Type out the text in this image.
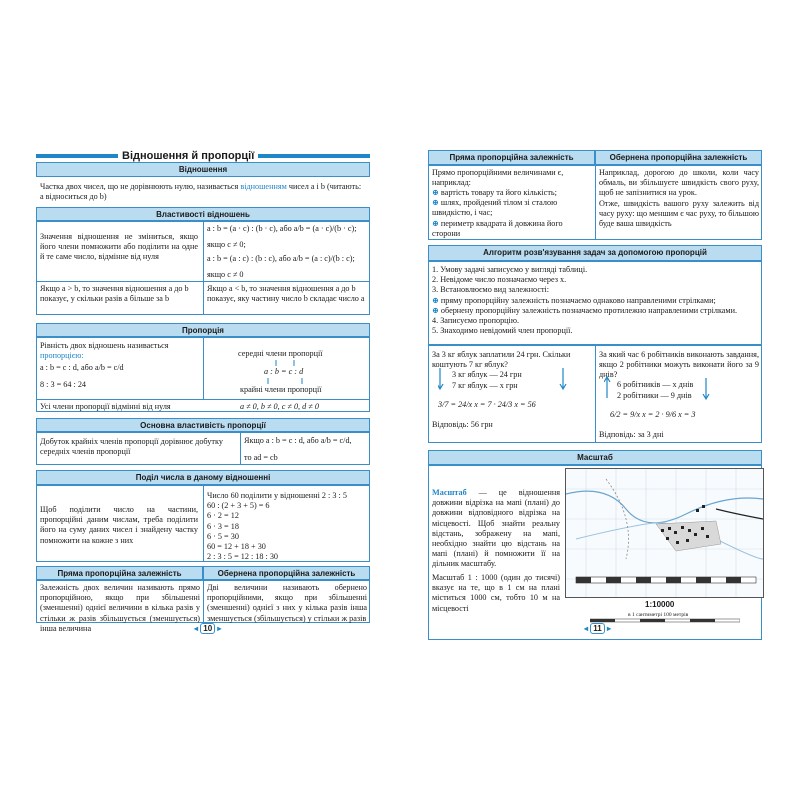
Відношення й пропорції
Відношення
Частка двох чисел, що не дорівнюють нулю, називається відношенням чисел a і b (читають: a відноситься до b)
Властивості відношень
Значення відношення не зміниться, якщо його члени помножити або поділити на одне й те саме число, відмінне від нуля
a : b = (a · c) : (b · c), або a/b = (a · c)/(b · c);
якщо c ≠ 0;
a : b = (a : c) : (b : c), або a/b = (a : c)/(b : c);
якщо c ≠ 0
Якщо a > b, то значення відношення a до b показує, у скільки разів a більше за b
Якщо a < b, то значення відношення a до b показує, яку частину число b складає число a
Пропорція
Рівність двох відношень називається пропорцією:
a : b = c : d, або a/b = c/d
8 : 3 = 64 : 24
середні члени пропорції
a : b = c : d
крайні члени пропорції
Усі члени пропорції відмінні від нуля	a ≠ 0, b ≠ 0, c ≠ 0, d ≠ 0
Основна властивість пропорції
Добуток крайніх членів пропорції дорівнює добутку середніх членів пропорції
Якщо a : b = c : d, або a/b = c/d,
то ad = cb
Поділ числа в даному відношенні
Щоб поділити число на частини, пропорційні даним числам, треба поділити його на суму даних чисел і знайдену частку помножити на кожне з них
Число 60 поділити у відношенні 2 : 3 : 5
60 : (2 + 3 + 5) = 6
6 · 2 = 12
6 · 3 = 18
6 · 5 = 30
60 = 12 + 18 + 30
2 : 3 : 5 = 12 : 18 : 30
Пряма пропорційна залежність	Обернена пропорційна залежність
Залежність двох величин називають прямо пропорційною, якщо при збільшенні (зменшенні) однієї величини в кілька разів у стільки ж разів збільшується (зменшується) інша величина
Дві величини називають обернено пропорційними, якщо при збільшенні (зменшенні) однієї з них у кілька разів інша зменшується (збільшується) у стільки ж разів
◂ 10 ▸
Пряма пропорційна залежність	Обернена пропорційна залежність
Прямо пропорційними величинами є, наприклад:
⊕ вартість товару та його кількість;
⊕ шлях, пройдений тілом зі сталою швидкістю, і час;
⊕ периметр квадрата й довжина його сторони
Наприклад, дорогою до школи, коли часу обмаль, ви збільшуєте швидкість свого руху, щоб не запізнитися на урок.
Отже, швидкість вашого руху залежить від часу руху: що меншим є час руху, то більшою буде ваша швидкість
Алгоритм розв'язування задач за допомогою пропорцій
1. Умову задачі записуємо у вигляді таблиці.
2. Невідоме число позначаємо через x.
3. Встановлюємо вид залежності:
⊕ пряму пропорційну залежність позначаємо однаково направленими стрілками;
⊕ обернену пропорційну залежність позначаємо протилежно направленими стрілками.
4. Записуємо пропорцію.
5. Знаходимо невідомий член пропорції.
За 3 кг яблук заплатили 24 грн. Скільки коштують 7 кг яблук?
3 кг яблук — 24 грн
7 кг яблук — x грн
3/7 = 24/x x = 7 · 24/3 x = 56
Відповідь: 56 грн
За який час 6 робітників виконають завдання, якщо 2 робітники можуть виконати його за 9 днів?
6 робітників — x днів
2 робітники — 9 днів
6/2 = 9/x x = 2 · 9/6 x = 3
Відповідь: за 3 дні
Масштаб
Масштаб — це відношення довжини відрізка на мапі (плані) до довжини відповідного відрізка на місцевості. Щоб знайти реальну відстань, зображену на мапі, необхідно знайти цю відстань на мапі (плані) й помножити її на дільник масштабу.
Масштаб 1 : 1000 (один до тисячі) вказує на те, що в 1 см на плані міститься 1000 см, тобто 10 м на місцевості	1:10000
в 1 сантиметрі 100 метрів
◂ 11 ▸
